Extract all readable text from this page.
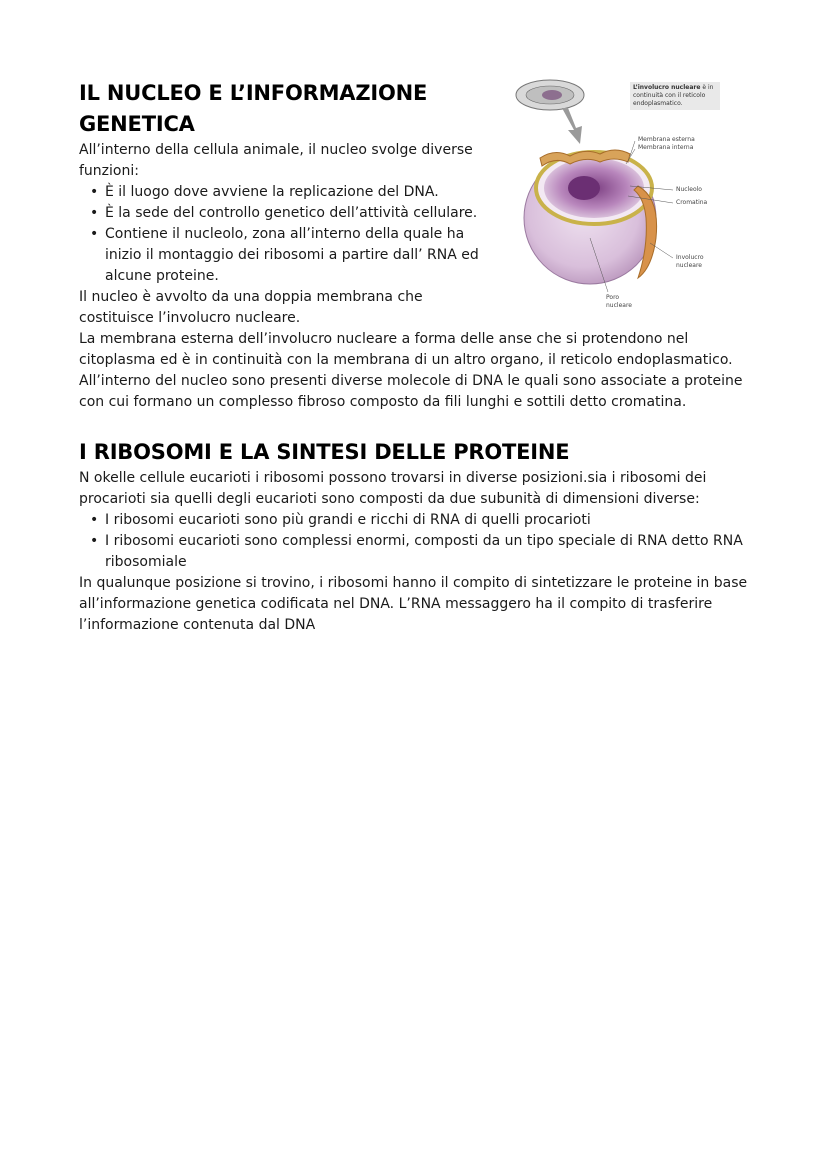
L’involucro nucleare è in continuità con il reticolo endoplasmatico.
Membrana esterna
Membrana interna
Nucleolo
Cromatina
Involucro
nucleare
Poro
nucleare
IL NUCLEO E L’INFORMAZIONE GENETICA

All’interno della cellula animale, il nucleo svolge diverse funzioni:

• È il luogo dove avviene la replicazione del DNA.
• È la sede del controllo genetico dell’attività cellulare.
• Contiene il nucleolo, zona all’interno della quale ha inizio il montaggio dei ribosomi a partire dall’ RNA ed alcune proteine.

Il nucleo è avvolto da una doppia membrana che costituisce l’involucro nucleare.

La membrana esterna dell’involucro nucleare a forma delle anse che si protendono nel citoplasma ed è in continuità con la membrana di un altro organo, il reticolo endoplasmatico.

All’interno del nucleo sono presenti diverse molecole di DNA le quali sono associate a proteine con cui formano un complesso fibroso composto da fili lunghi e sottili detto cromatina.

I RIBOSOMI E LA SINTESI DELLE PROTEINE

N okelle cellule eucarioti i ribosomi possono trovarsi in diverse posizioni.sia i ribosomi dei procarioti sia quelli degli eucarioti sono composti da due subunità di dimensioni diverse:

• I ribosomi eucarioti sono più grandi e ricchi di RNA di quelli procarioti
• I ribosomi eucarioti sono complessi enormi, composti da un tipo speciale di RNA detto RNA ribosomiale

In qualunque posizione si trovino, i ribosomi hanno il compito di sintetizzare le proteine in base all’informazione genetica codificata nel DNA. L’RNA messaggero ha il compito di trasferire l’informazione contenuta dal DNA
